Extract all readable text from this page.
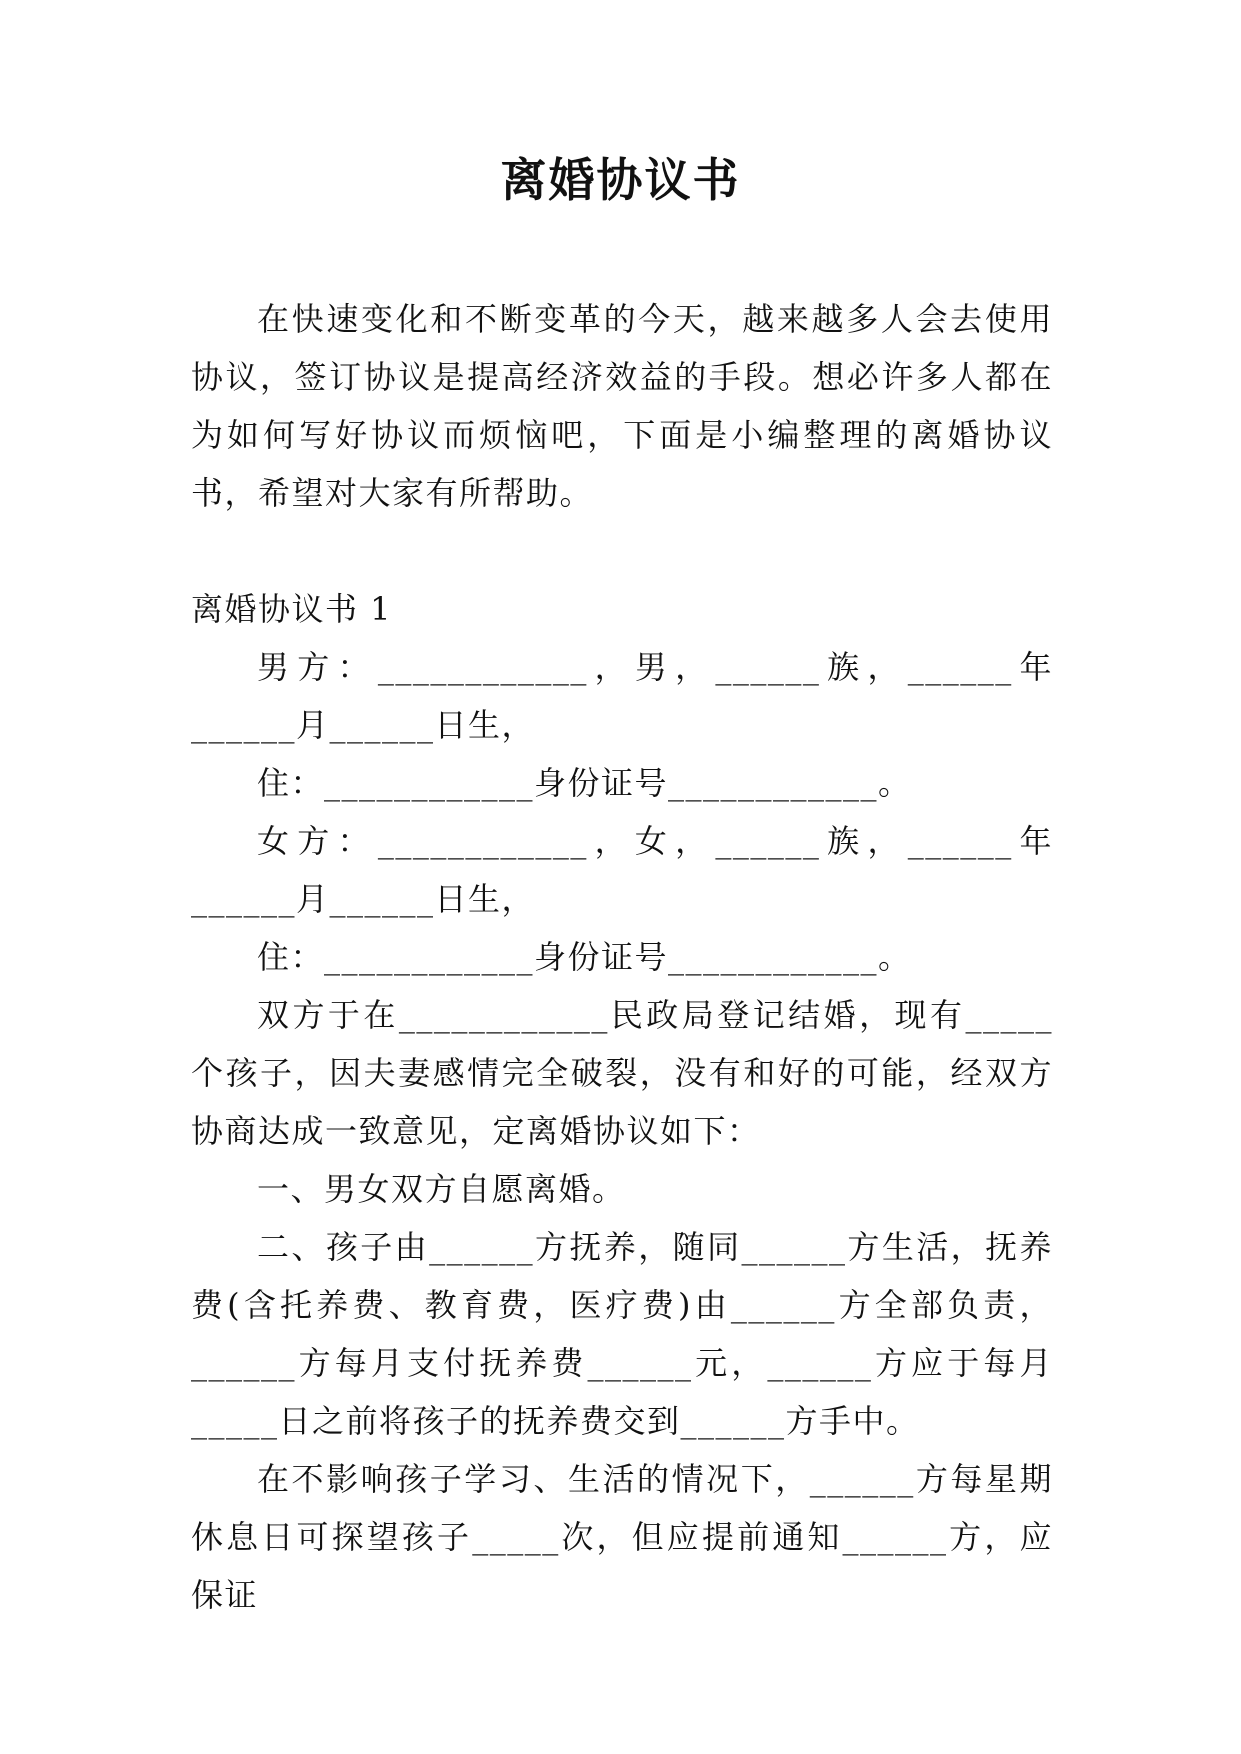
离婚协议书

在快速变化和不断变革的今天，越来越多人会去使用协议，签订协议是提高经济效益的手段。想必许多人都在为如何写好协议而烦恼吧，下面是小编整理的离婚协议书，希望对大家有所帮助。

离婚协议书 1

男方：____________，男，______族，______年______月______日生，

住：____________身份证号____________。

女方：____________，女，______族，______年______月______日生，

住：____________身份证号____________。

双方于在____________民政局登记结婚，现有_____个孩子，因夫妻感情完全破裂，没有和好的可能，经双方协商达成一致意见，定离婚协议如下：

一、男女双方自愿离婚。

二、孩子由______方抚养，随同______方生活，抚养费(含托养费、教育费，医疗费)由______方全部负责，______方每月支付抚养费______元，______方应于每月_____日之前将孩子的抚养费交到______方手中。

在不影响孩子学习、生活的情况下，______方每星期休息日可探望孩子_____次，但应提前通知______方，应保证
